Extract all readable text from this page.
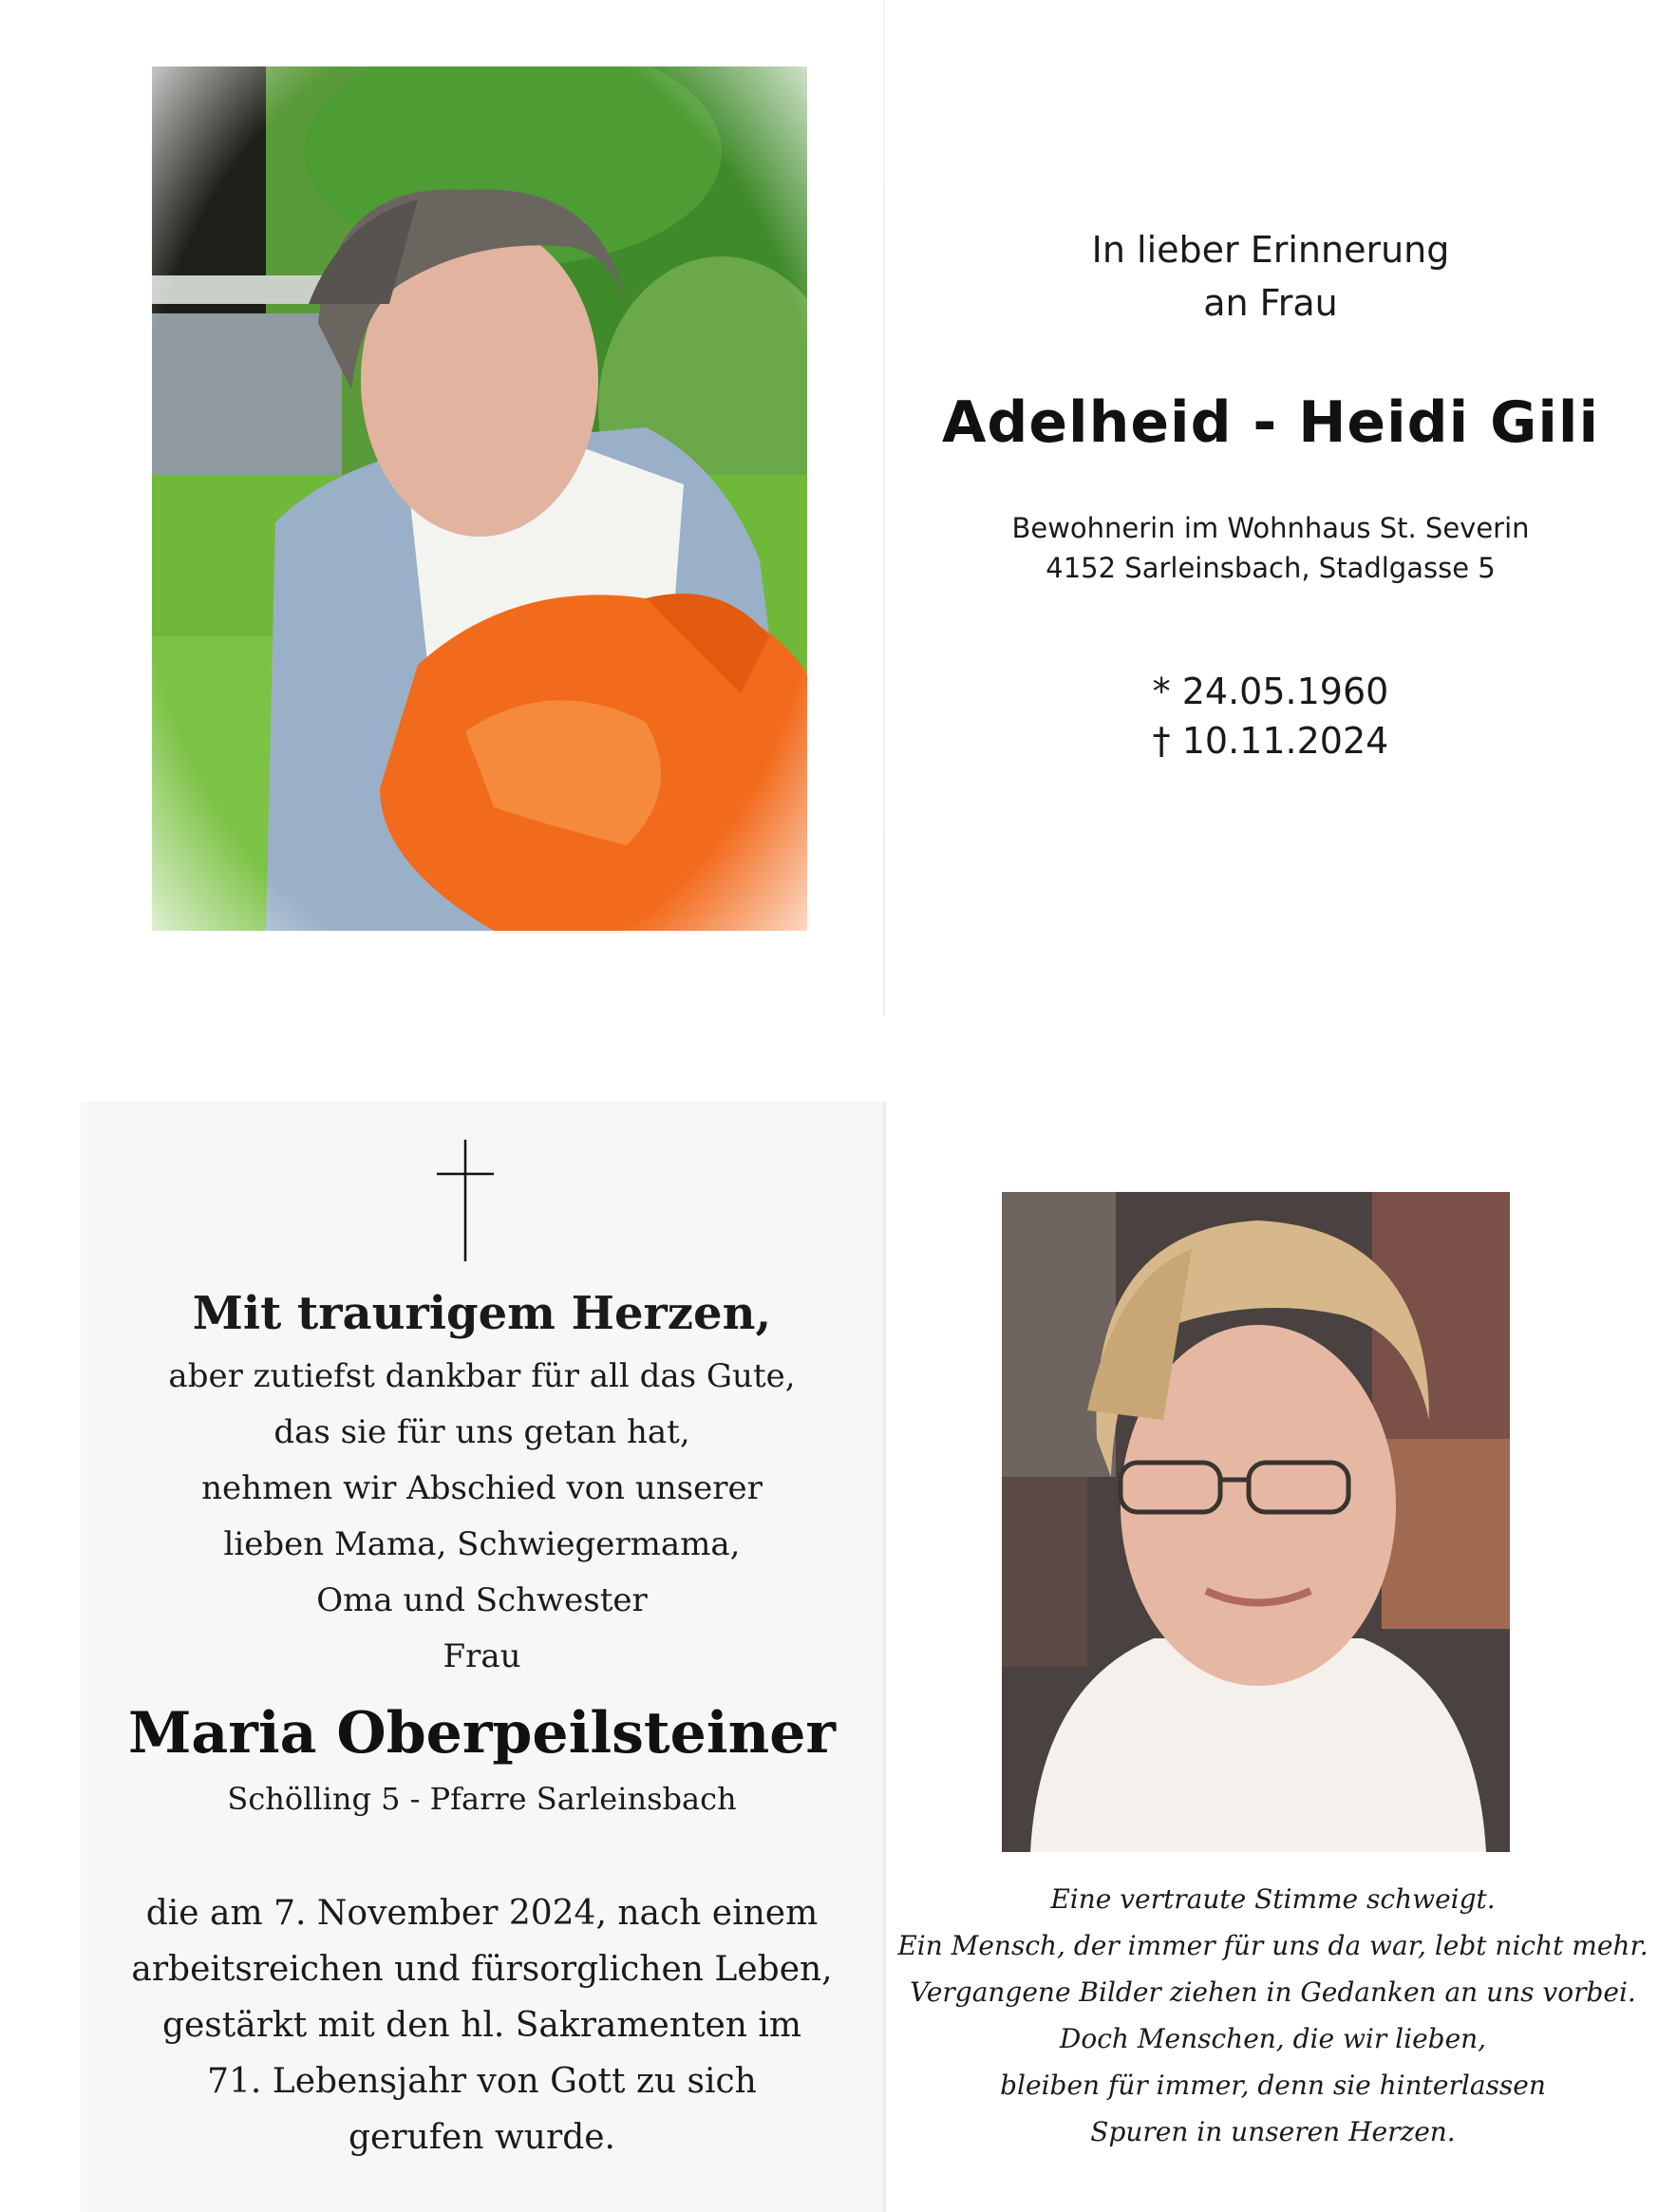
In lieber Erinnerung
an Frau
Adelheid - Heidi Gili
Bewohnerin im Wohnhaus St. Severin
4152 Sarleinsbach, Stadlgasse 5
* 24.05.1960
† 10.11.2024
Mit traurigem Herzen,
aber zutiefst dankbar für all das Gute,
das sie für uns getan hat,
nehmen wir Abschied von unserer
lieben Mama, Schwiegermama,
Oma und Schwester
Frau
Maria Oberpeilsteiner
Schölling 5 - Pfarre Sarleinsbach
die am 7. November 2024, nach einem
arbeitsreichen und fürsorglichen Leben,
gestärkt mit den hl. Sakramenten im
71. Lebensjahr von Gott zu sich
gerufen wurde.
Eine vertraute Stimme schweigt.
Ein Mensch, der immer für uns da war, lebt nicht mehr.
Vergangene Bilder ziehen in Gedanken an uns vorbei.
Doch Menschen, die wir lieben,
bleiben für immer, denn sie hinterlassen
Spuren in unseren Herzen.
